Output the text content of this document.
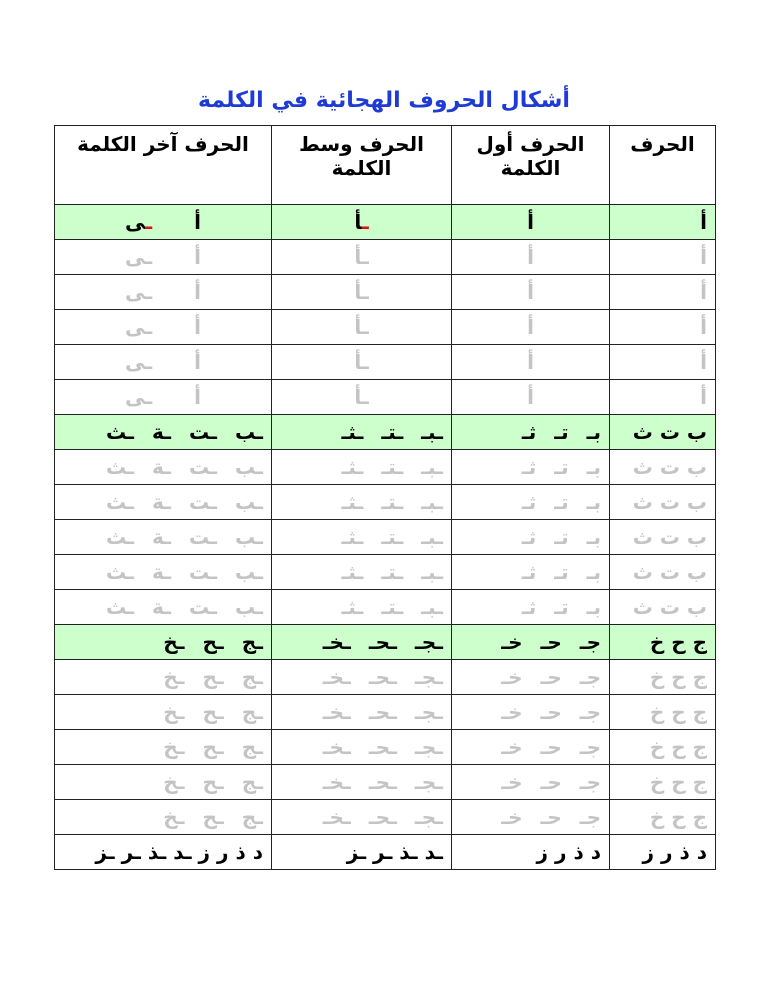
أشكال الحروف الهجائية في الكلمة
الحرف	الحرف أول الكلمة	الحرف وسط الكلمة	الحرف آخر الكلمة
أ	أ	ـأ	أـى
أ	أ	ـأ	أـى
أ	أ	ـأ	أـى
أ	أ	ـأ	أـى
أ	أ	ـأ	أـى
أ	أ	ـأ	أـى
ب ت ث	بـتـثـ	ـبــتــثـ	ـبـتـةـث
ب ت ث	بـتـثـ	ـبــتــثـ	ـبـتـةـث
ب ت ث	بـتـثـ	ـبــتــثـ	ـبـتـةـث
ب ت ث	بـتـثـ	ـبــتــثـ	ـبـتـةـث
ب ت ث	بـتـثـ	ـبــتــثـ	ـبـتـةـث
ب ت ث	بـتـثـ	ـبــتــثـ	ـبـتـةـث
ج ح خ	جـحـخـ	ـجــحــخـ	ـجـحـخ
ج ح خ	جـحـخـ	ـجــحــخـ	ـجـحـخ
ج ح خ	جـحـخـ	ـجــحــخـ	ـجـحـخ
ج ح خ	جـحـخـ	ـجــحــخـ	ـجـحـخ
ج ح خ	جـحـخـ	ـجــحــخـ	ـجـحـخ
ج ح خ	جـحـخـ	ـجــحــخـ	ـجـحـخ
د ذ ر ز	د ذ ر ز	ـد ـذ ـر ـز	د ذ ر ز ـد ـذ ـر ـز
